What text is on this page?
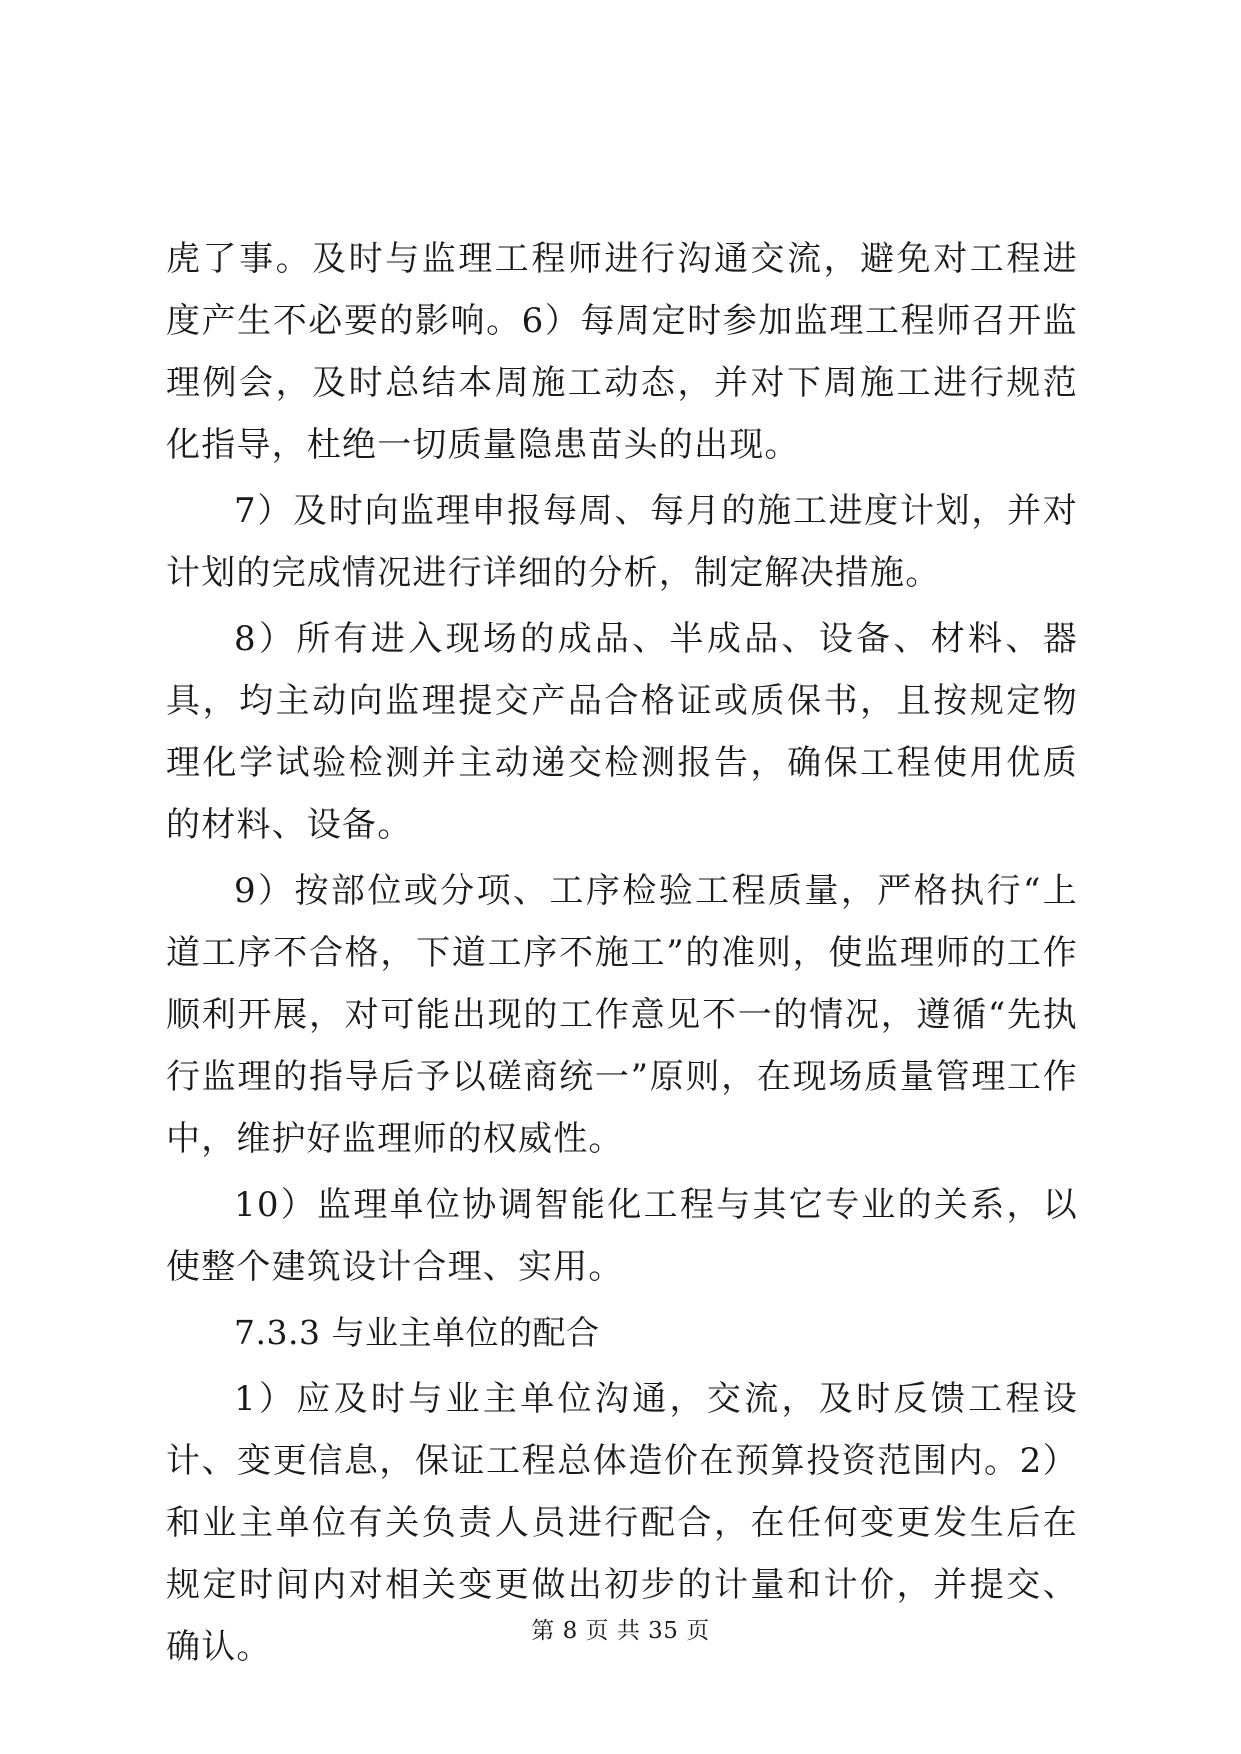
虎了事。及时与监理工程师进行沟通交流，避免对工程进度产生不必要的影响。6）每周定时参加监理工程师召开监理例会，及时总结本周施工动态，并对下周施工进行规范化指导，杜绝一切质量隐患苗头的出现。

7）及时向监理申报每周、每月的施工进度计划，并对计划的完成情况进行详细的分析，制定解决措施。

8）所有进入现场的成品、半成品、设备、材料、器具，均主动向监理提交产品合格证或质保书，且按规定物理化学试验检测并主动递交检测报告，确保工程使用优质的材料、设备。

9）按部位或分项、工序检验工程质量，严格执行“上道工序不合格，下道工序不施工”的准则，使监理师的工作顺利开展，对可能出现的工作意见不一的情况，遵循“先执行监理的指导后予以磋商统一”原则，在现场质量管理工作中，维护好监理师的权威性。

10）监理单位协调智能化工程与其它专业的关系，以使整个建筑设计合理、实用。

7.3.3 与业主单位的配合

1）应及时与业主单位沟通，交流，及时反馈工程设计、变更信息，保证工程总体造价在预算投资范围内。2）和业主单位有关负责人员进行配合，在任何变更发生后在规定时间内对相关变更做出初步的计量和计价，并提交、确认。	第 8 页 共 35 页
